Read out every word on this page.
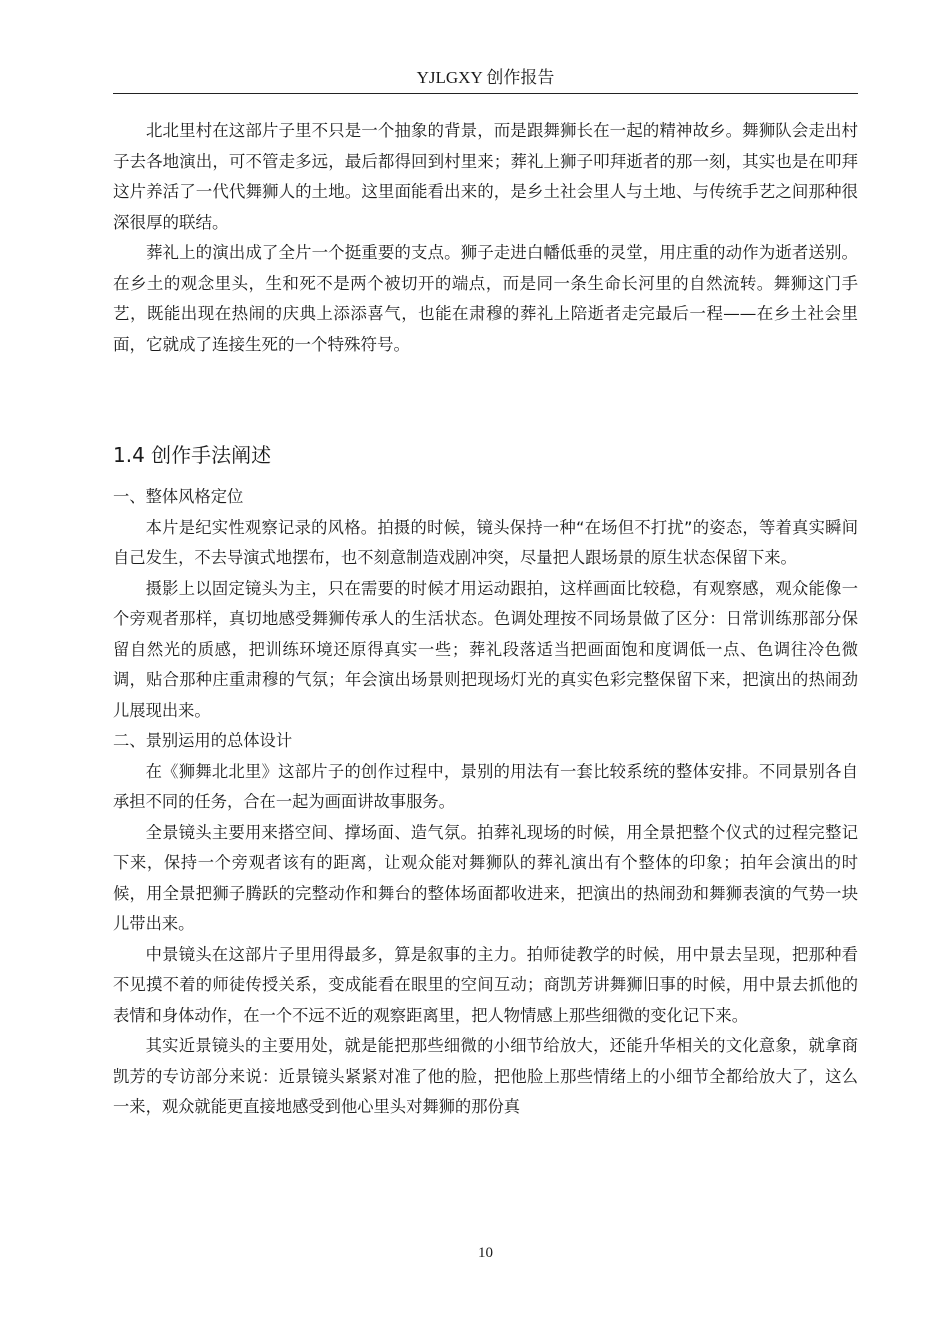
YJLGXY 创作报告

北北里村在这部片子里不只是一个抽象的背景，而是跟舞狮长在一起的精神故乡。舞狮队会走出村子去各地演出，可不管走多远，最后都得回到村里来；葬礼上狮子叩拜逝者的那一刻，其实也是在叩拜这片养活了一代代舞狮人的土地。这里面能看出来的，是乡土社会里人与土地、与传统手艺之间那种很深很厚的联结。

葬礼上的演出成了全片一个挺重要的支点。狮子走进白幡低垂的灵堂，用庄重的动作为逝者送别。在乡土的观念里头，生和死不是两个被切开的端点，而是同一条生命长河里的自然流转。舞狮这门手艺，既能出现在热闹的庆典上添添喜气，也能在肃穆的葬礼上陪逝者走完最后一程——在乡土社会里面，它就成了连接生死的一个特殊符号。

1.4 创作手法阐述
一、整体风格定位

本片是纪实性观察记录的风格。拍摄的时候，镜头保持一种“在场但不打扰”的姿态，等着真实瞬间自己发生，不去导演式地摆布，也不刻意制造戏剧冲突，尽量把人跟场景的原生状态保留下来。

摄影上以固定镜头为主，只在需要的时候才用运动跟拍，这样画面比较稳，有观察感，观众能像一个旁观者那样，真切地感受舞狮传承人的生活状态。色调处理按不同场景做了区分：日常训练那部分保留自然光的质感，把训练环境还原得真实一些；葬礼段落适当把画面饱和度调低一点、色调往冷色微调，贴合那种庄重肃穆的气氛；年会演出场景则把现场灯光的真实色彩完整保留下来，把演出的热闹劲儿展现出来。

二、景别运用的总体设计

在《狮舞北北里》这部片子的创作过程中，景别的用法有一套比较系统的整体安排。不同景别各自承担不同的任务，合在一起为画面讲故事服务。

全景镜头主要用来搭空间、撑场面、造气氛。拍葬礼现场的时候，用全景把整个仪式的过程完整记下来，保持一个旁观者该有的距离，让观众能对舞狮队的葬礼演出有个整体的印象；拍年会演出的时候，用全景把狮子腾跃的完整动作和舞台的整体场面都收进来，把演出的热闹劲和舞狮表演的气势一块儿带出来。

中景镜头在这部片子里用得最多，算是叙事的主力。拍师徒教学的时候，用中景去呈现，把那种看不见摸不着的师徒传授关系，变成能看在眼里的空间互动；商凯芳讲舞狮旧事的时候，用中景去抓他的表情和身体动作，在一个不远不近的观察距离里，把人物情感上那些细微的变化记下来。

其实近景镜头的主要用处，就是能把那些细微的小细节给放大，还能升华相关的文化意象，就拿商凯芳的专访部分来说：近景镜头紧紧对准了他的脸，把他脸上那些情绪上的小细节全都给放大了，这么一来，观众就能更直接地感受到他心里头对舞狮的那份真

10
